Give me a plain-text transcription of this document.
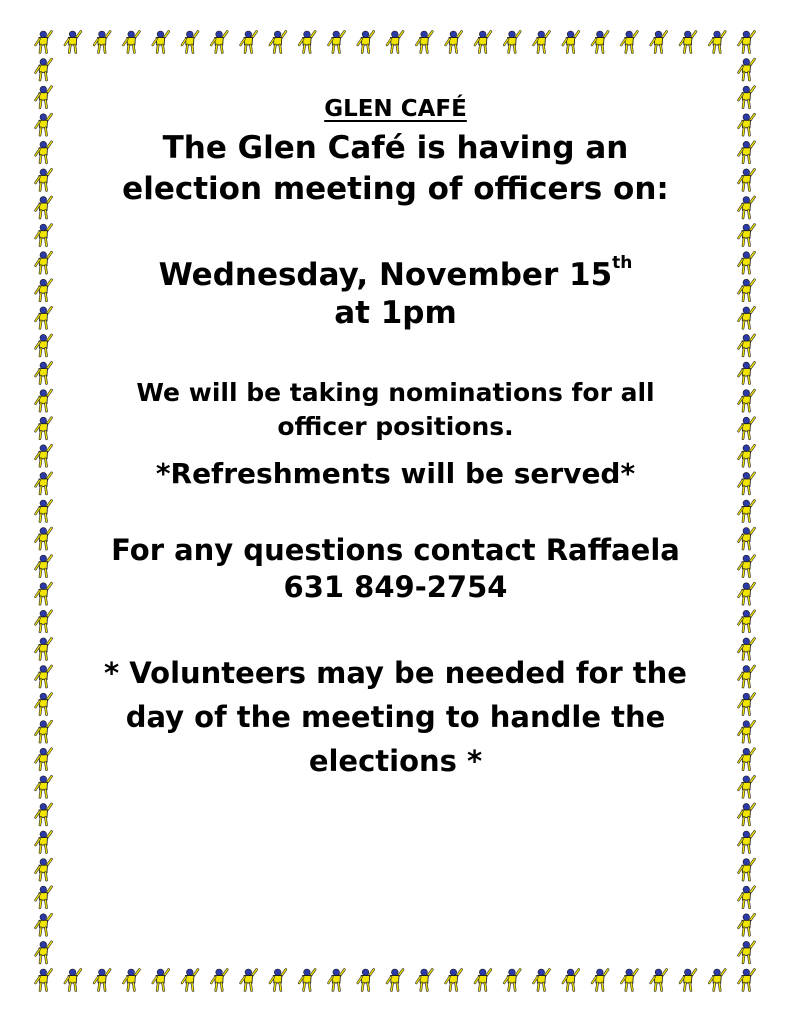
GLEN CAFÉ
The Glen Café is having an
election meeting of officers on:
Wednesday, November 15th
at 1pm
We will be taking nominations for all
officer positions.
*Refreshments will be served*
For any questions contact Raffaela
631 849-2754
* Volunteers may be needed for the
day of the meeting to handle the
elections *
